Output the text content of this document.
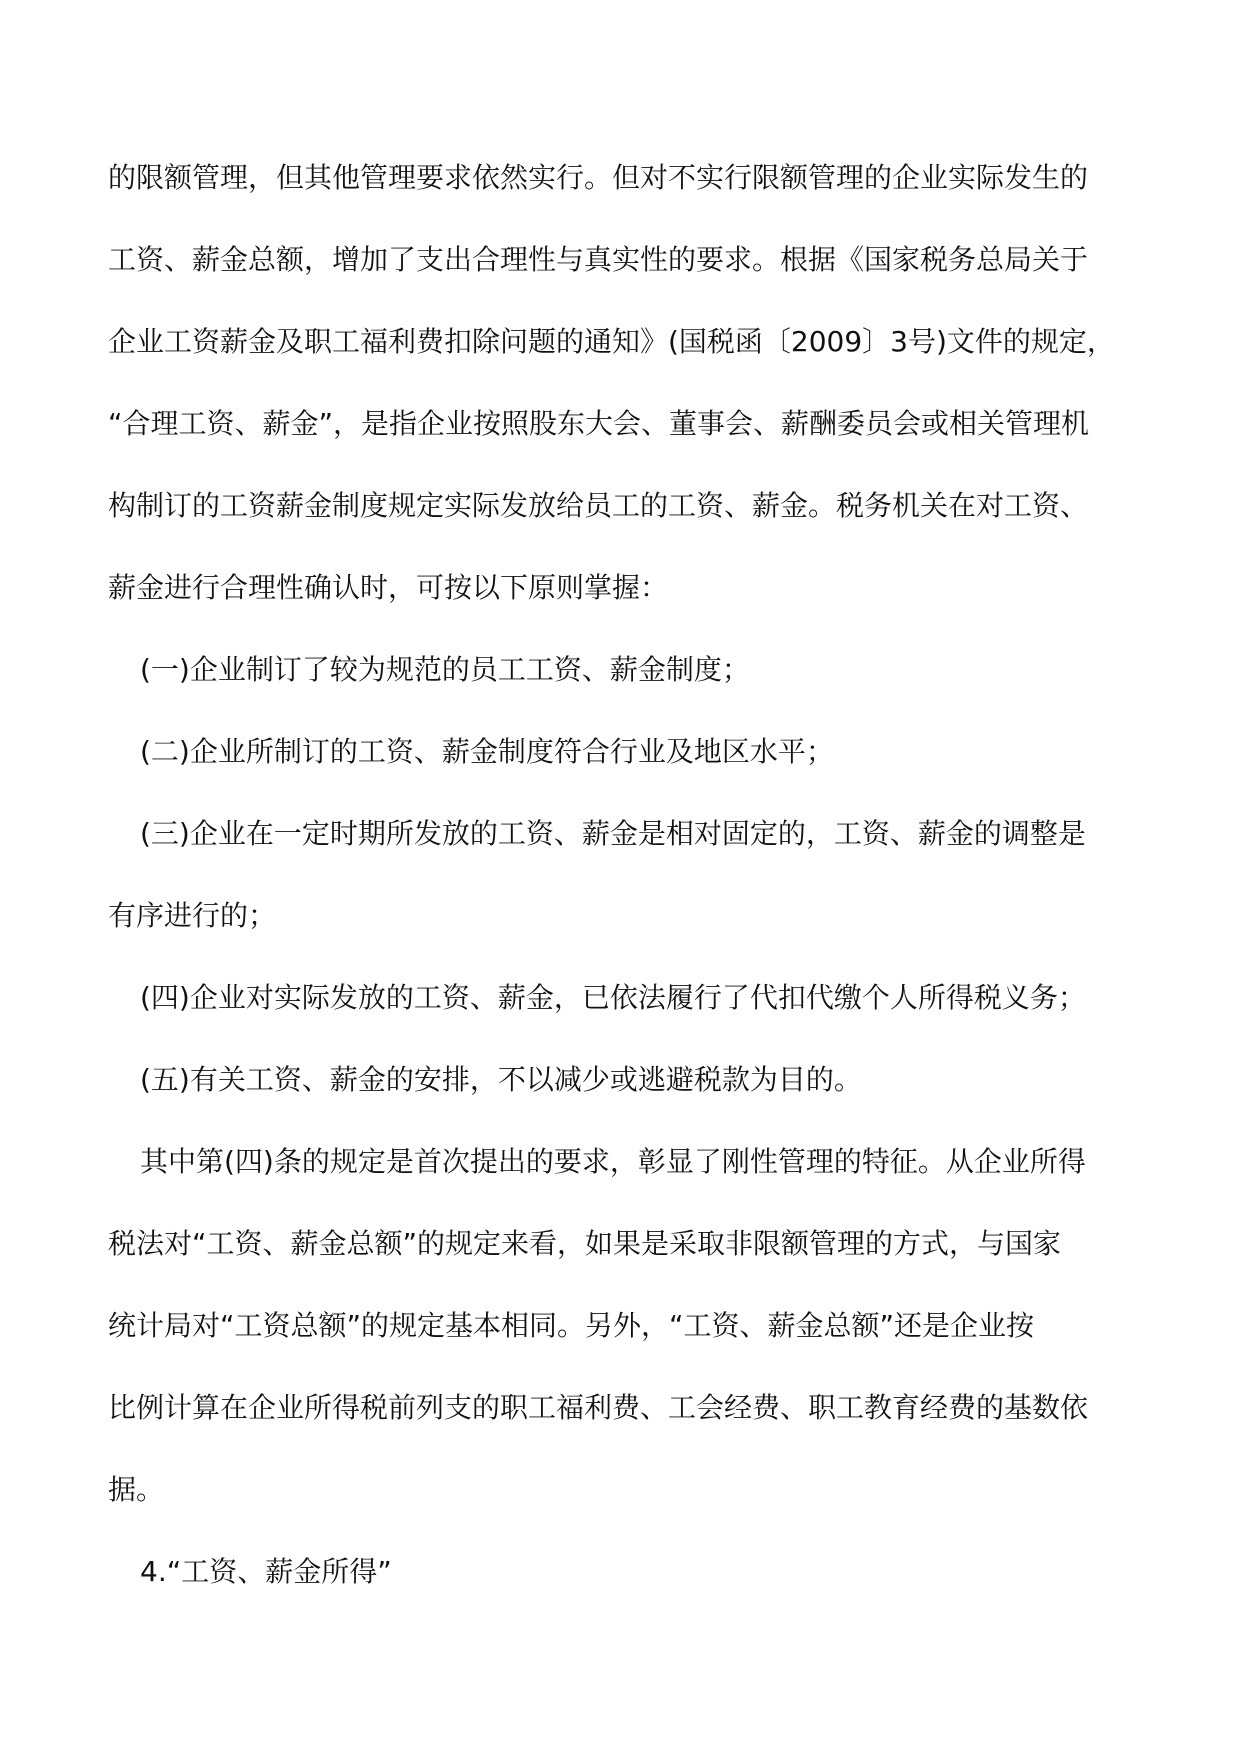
的限额管理，但其他管理要求依然实行。但对不实行限额管理的企业实际发生的
工资、薪金总额，增加了支出合理性与真实性的要求。根据《国家税务总局关于
企业工资薪金及职工福利费扣除问题的通知》(国税函〔2009〕3号)文件的规定，
“合理工资、薪金”，是指企业按照股东大会、董事会、薪酬委员会或相关管理机
构制订的工资薪金制度规定实际发放给员工的工资、薪金。税务机关在对工资、
薪金进行合理性确认时，可按以下原则掌握：
(一)企业制订了较为规范的员工工资、薪金制度；
(二)企业所制订的工资、薪金制度符合行业及地区水平；
(三)企业在一定时期所发放的工资、薪金是相对固定的，工资、薪金的调整是
有序进行的；
(四)企业对实际发放的工资、薪金，已依法履行了代扣代缴个人所得税义务；
(五)有关工资、薪金的安排，不以减少或逃避税款为目的。
其中第(四)条的规定是首次提出的要求，彰显了刚性管理的特征。从企业所得
税法对“工资、薪金总额”的规定来看，如果是采取非限额管理的方式，与国家
统计局对“工资总额”的规定基本相同。另外，“工资、薪金总额”还是企业按
比例计算在企业所得税前列支的职工福利费、工会经费、职工教育经费的基数依
据。
4.“工资、薪金所得”
